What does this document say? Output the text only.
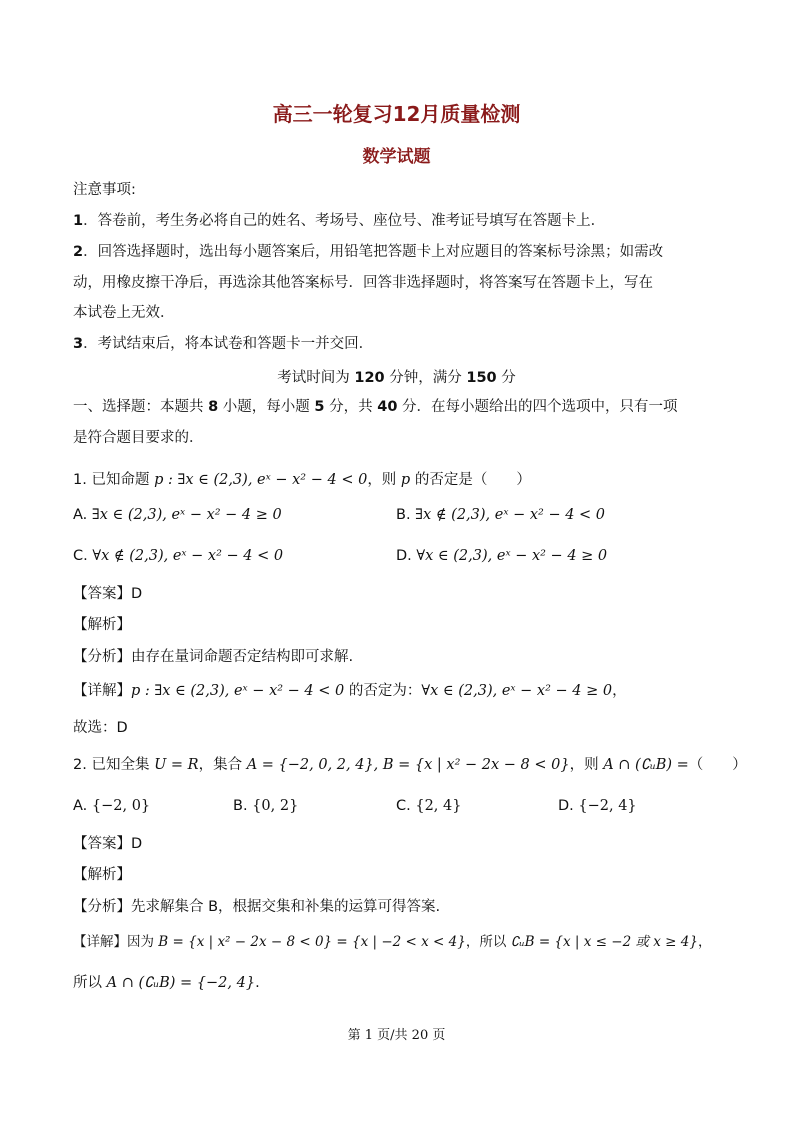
高三一轮复习12月质量检测
数学试题
注意事项:
1．答卷前，考生务必将自己的姓名、考场号、座位号、准考证号填写在答题卡上．
2．回答选择题时，选出每小题答案后，用铅笔把答题卡上对应题目的答案标号涂黑；如需改
动，用橡皮擦干净后，再选涂其他答案标号．回答非选择题时，将答案写在答题卡上，写在
本试卷上无效．
3．考试结束后，将本试卷和答题卡一并交回．
考试时间为 120 分钟，满分 150 分
一、选择题：本题共 8 小题，每小题 5 分，共 40 分．在每小题给出的四个选项中，只有一项
是符合题目要求的．
1. 已知命题 p : ∃x ∈ (2,3), eˣ − x² − 4 < 0，则 p 的否定是（　　）
A. ∃x ∈ (2,3), eˣ − x² − 4 ≥ 0	B. ∃x ∉ (2,3), eˣ − x² − 4 < 0
C. ∀x ∉ (2,3), eˣ − x² − 4 < 0	D. ∀x ∈ (2,3), eˣ − x² − 4 ≥ 0
【答案】D
【解析】
【分析】由存在量词命题否定结构即可求解.
【详解】p : ∃x ∈ (2,3), eˣ − x² − 4 < 0 的否定为：∀x ∈ (2,3), eˣ − x² − 4 ≥ 0，
故选：D
2. 已知全集 U = R，集合 A = {−2, 0, 2, 4}, B = {x | x² − 2x − 8 < 0}，则 A ∩ (∁ᵤB) =（　　）
A. {−2, 0}	B. {0, 2}	C. {2, 4}	D. {−2, 4}
【答案】D
【解析】
【分析】先求解集合 B，根据交集和补集的运算可得答案.
【详解】因为 B = {x | x² − 2x − 8 < 0} = {x | −2 < x < 4}，所以 ∁ᵤB = {x | x ≤ −2 或 x ≥ 4}，
所以 A ∩ (∁ᵤB) = {−2, 4}.
第 1 页/共 20 页
